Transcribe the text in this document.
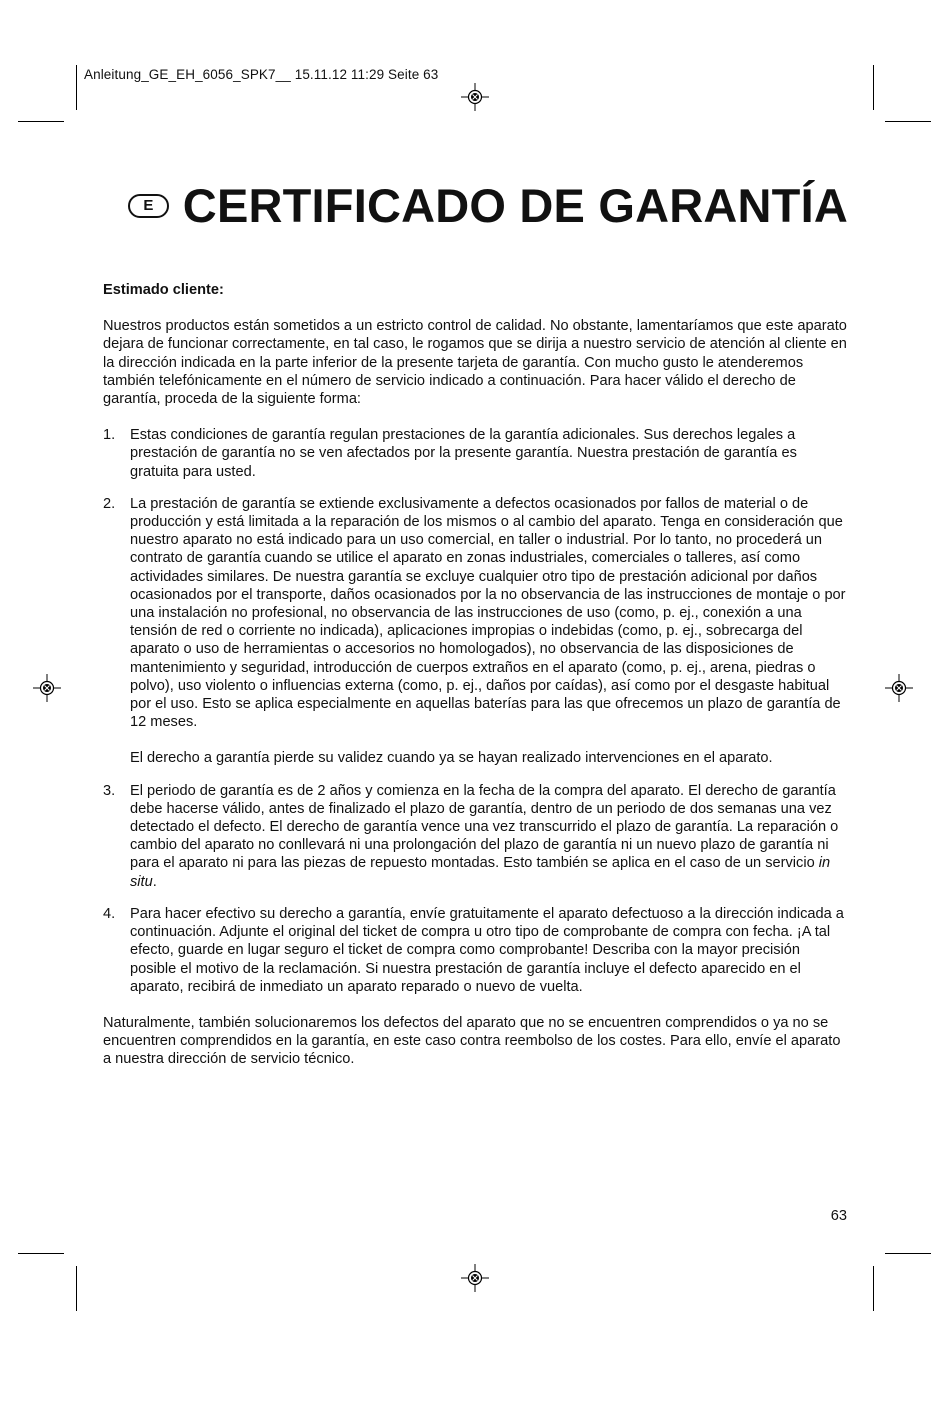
Anleitung_GE_EH_6056_SPK7__ 15.11.12 11:29 Seite 63
E CERTIFICADO DE GARANTÍA

Estimado cliente:

Nuestros productos están sometidos a un estricto control de calidad. No obstante, lamentaríamos que este aparato dejara de funcionar correctamente, en tal caso, le rogamos que se dirija a nuestro servicio de atención al cliente en la dirección indicada en la parte inferior de la presente tarjeta de garantía. Con mucho gusto le atenderemos también telefónicamente en el número de servicio indicado a continuación. Para hacer válido el derecho de garantía, proceda de la siguiente forma:

1.	Estas condiciones de garantía regulan prestaciones de la garantía adicionales. Sus derechos legales a prestación de garantía no se ven afectados por la presente garantía. Nuestra prestación de garantía es gratuita para usted.

2.	La prestación de garantía se extiende exclusivamente a defectos ocasionados por fallos de material o de producción y está limitada a la reparación de los mismos o al cambio del aparato. Tenga en consideración que nuestro aparato no está indicado para un uso comercial, en taller o industrial. Por lo tanto, no procederá un contrato de garantía cuando se utilice el aparato en zonas industriales, comerciales o talleres, así como actividades similares. De nuestra garantía se excluye cualquier otro tipo de prestación adicional por daños ocasionados por el transporte, daños ocasionados por la no observancia de las instrucciones de montaje o por una instalación no profesional, no observancia de las instrucciones de uso (como, p. ej., conexión a una tensión de red o corriente no indicada), aplicaciones impropias o indebidas (como, p. ej., sobrecarga del aparato o uso de herramientas o accesorios no homologados), no observancia de las disposiciones de mantenimiento y seguridad, introducción de cuerpos extraños en el aparato (como, p. ej., arena, piedras o polvo), uso violento o influencias externa (como, p. ej., daños por caídas), así como por el desgaste habitual por el uso. Esto se aplica especialmente en aquellas baterías para las que ofrecemos un plazo de garantía de 12 meses.

El derecho a garantía pierde su validez cuando ya se hayan realizado intervenciones en el aparato.

3.	El periodo de garantía es de 2 años y comienza en la fecha de la compra del aparato. El derecho de garantía debe hacerse válido, antes de finalizado el plazo de garantía, dentro de un periodo de dos semanas una vez detectado el defecto. El derecho de garantía vence una vez transcurrido el plazo de garantía. La reparación o cambio del aparato no conllevará ni una prolongación del plazo de garantía ni un nuevo plazo de garantía ni para el aparato ni para las piezas de repuesto montadas. Esto también se aplica en el caso de un servicio in situ.

4.	Para hacer efectivo su derecho a garantía, envíe gratuitamente el aparato defectuoso a la dirección indicada a continuación. Adjunte el original del ticket de compra u otro tipo de comprobante de compra con fecha. ¡A tal efecto, guarde en lugar seguro el ticket de compra como comprobante! Describa con la mayor precisión posible el motivo de la reclamación. Si nuestra prestación de garantía incluye el defecto aparecido en el aparato, recibirá de inmediato un aparato reparado o nuevo de vuelta.

Naturalmente, también solucionaremos los defectos del aparato que no se encuentren comprendidos o ya no se encuentren comprendidos en la garantía, en este caso contra reembolso de los costes. Para ello, envíe el aparato a nuestra dirección de servicio técnico.

63
